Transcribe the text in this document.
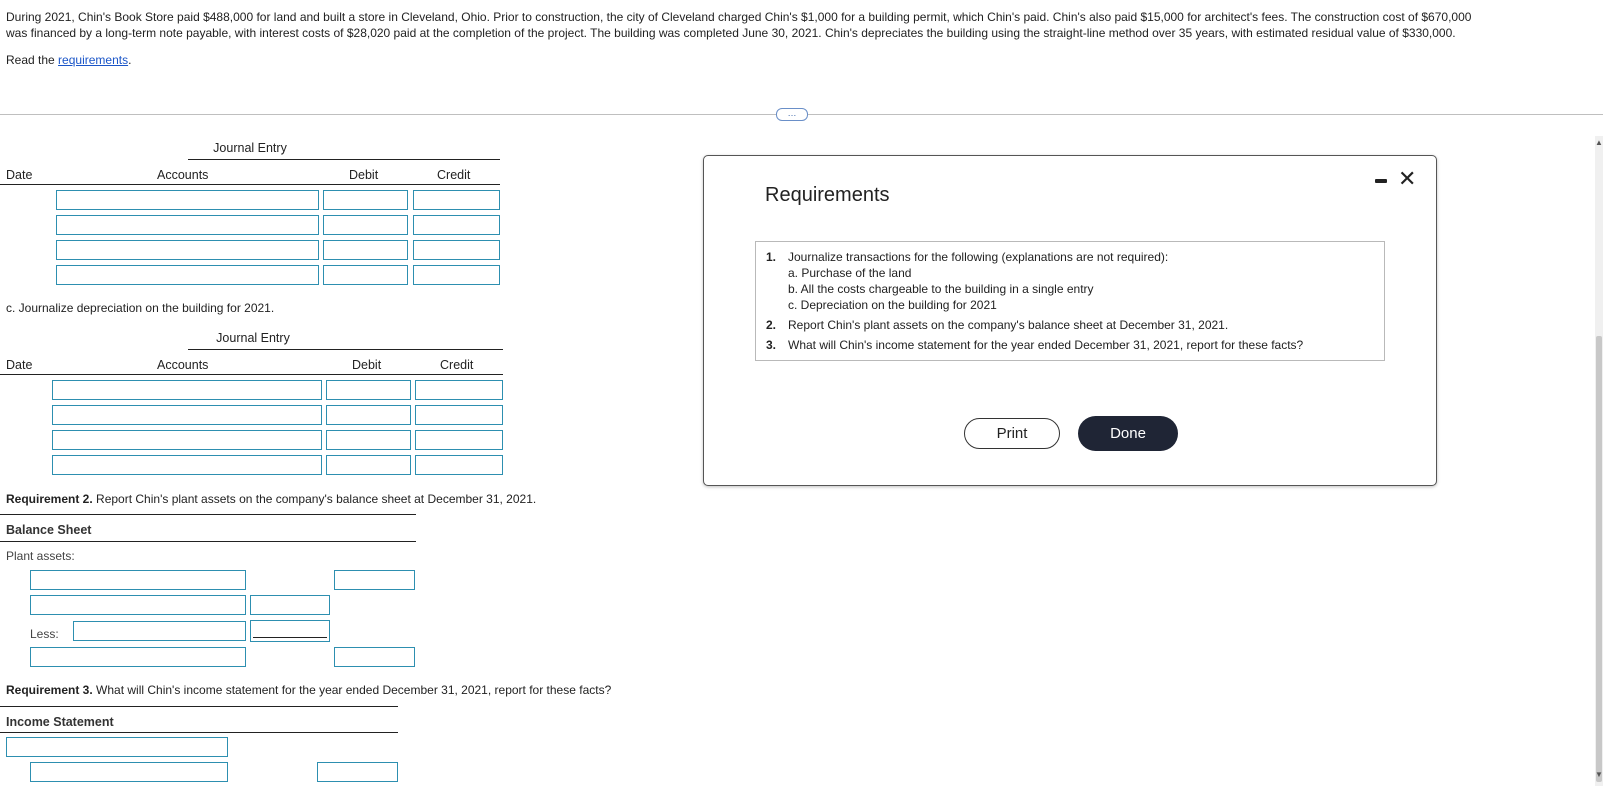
During 2021, Chin's Book Store paid $488,000 for land and built a store in Cleveland, Ohio. Prior to construction, the city of Cleveland charged Chin's $1,000 for a building permit, which Chin's paid. Chin's also paid $15,000 for architect's fees. The construction cost of $670,000
was financed by a long-term note payable, with interest costs of $28,020 paid at the completion of the project. The building was completed June 30, 2021. Chin's depreciates the building using the straight-line method over 35 years, with estimated residual value of $330,000.
Read the requirements.
…
Journal Entry
Date	Accounts	Debit	Credit
c. Journalize depreciation on the building for 2021.
Journal Entry
Date	Accounts	Debit	Credit
Requirement 2. Report Chin's plant assets on the company's balance sheet at December 31, 2021.
Balance Sheet
Plant assets:
Less:
Requirement 3. What will Chin's income statement for the year ended December 31, 2021, report for these facts?
Income Statement
Requirements
✕
1. Journalize transactions for the following (explanations are not required):
a. Purchase of the land
b. All the costs chargeable to the building in a single entry
c. Depreciation on the building for 2021
2. Report Chin's plant assets on the company's balance sheet at December 31, 2021.
3. What will Chin's income statement for the year ended December 31, 2021, report for these facts?
Print	Done
▲
▼
